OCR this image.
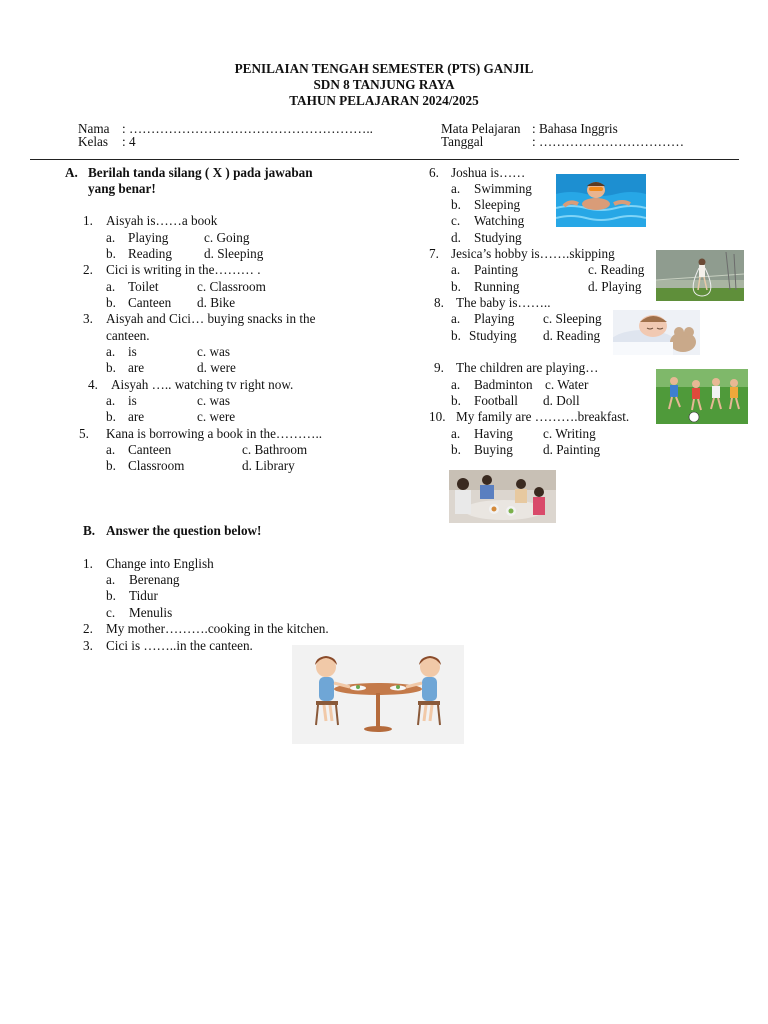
PENILAIAN TENGAH SEMESTER (PTS) GANJIL
SDN 8 TANJUNG RAYA
TAHUN PELAJARAN 2024/2025
Nama : ………………………………………………..
Kelas : 4
Mata Pelajaran : Bahasa Inggris
Tanggal	: ……………………………
A. Berilah tanda silang ( X ) pada jawaban
yang benar!
1. Aisyah is……a book
a. Playing	c. Going
b. Reading d. Sleeping
2. Cici is writing in the……… .
a. Toilet	c. Classroom
b. Canteen d. Bike
3. Aisyah and Cici… buying snacks in the
canteen.
a. is	c. was
b. are	d. were
4. Aisyah ….. watching tv right now.
a. is	c. was
b. are	c. were
5. Kana is borrowing a book in the………..
a. Canteen	c. Bathroom
b. Classroom	d. Library
6. Joshua is……
a. Swimming
b. Sleeping
c. Watching
d. Studying
7. Jesica’s hobby is…….skipping
a. Painting	c. Reading
b. Running	d. Playing
8. The baby is……..
a. Playing c. Sleeping
b. Studying d. Reading
9. The children are playing…
a. Badminton c. Water
b. Football d. Doll
10. My family are ……….breakfast.
a. Having c. Writing
b. Buying d. Painting
B. Answer the question below!
1. Change into English
a. Berenang
b. Tidur
c. Menulis
2. My mother……….cooking in the kitchen.
3. Cici is ……..in the canteen.
